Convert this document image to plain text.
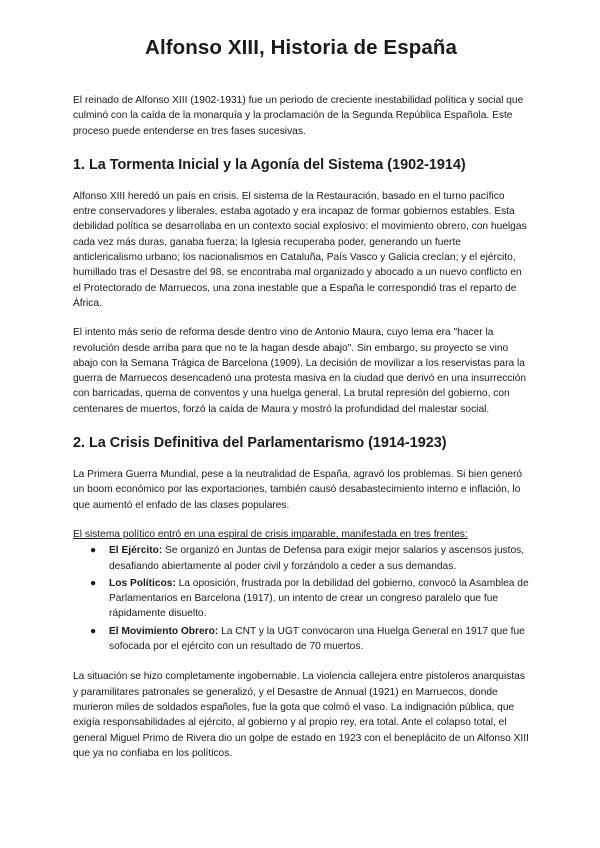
Alfonso XIII, Historia de España

El reinado de Alfonso XIII (1902-1931) fue un periodo de creciente inestabilidad política y social que culminó con la caída de la monarquía y la proclamación de la Segunda República Española. Este proceso puede entenderse en tres fases sucesivas.

1. La Tormenta Inicial y la Agonía del Sistema (1902-1914)

Alfonso XIII heredó un país en crisis. El sistema de la Restauración, basado en el turno pacífico entre conservadores y liberales, estaba agotado y era incapaz de formar gobiernos estables. Esta debilidad política se desarrollaba en un contexto social explosivo: el movimiento obrero, con huelgas cada vez más duras, ganaba fuerza; la Iglesia recuperaba poder, generando un fuerte anticlericalismo urbano; los nacionalismos en Cataluña, País Vasco y Galicia crecían; y el ejército, humillado tras el Desastre del 98, se encontraba mal organizado y abocado a un nuevo conflicto en el Protectorado de Marruecos, una zona inestable que a España le correspondió tras el reparto de África.

El intento más serio de reforma desde dentro vino de Antonio Maura, cuyo lema era "hacer la revolución desde arriba para que no te la hagan desde abajo". Sin embargo, su proyecto se vino abajo con la Semana Trágica de Barcelona (1909). La decisión de movilizar a los reservistas para la guerra de Marruecos desencadenó una protesta masiva en la ciudad que derivó en una insurrección con barricadas, quema de conventos y una huelga general. La brutal represión del gobierno, con centenares de muertos, forzó la caída de Maura y mostró la profundidad del malestar social.

2. La Crisis Definitiva del Parlamentarismo (1914-1923)

La Primera Guerra Mundial, pese a la neutralidad de España, agravó los problemas. Si bien generó un boom económico por las exportaciones, también causó desabastecimiento interno e inflación, lo que aumentó el enfado de las clases populares.

El sistema político entró en una espiral de crisis imparable, manifestada en tres frentes:

● El Ejército: Se organizó en Juntas de Defensa para exigir mejor salarios y ascensos justos, desafiando abiertamente al poder civil y forzándolo a ceder a sus demandas.
● Los Políticos: La oposición, frustrada por la debilidad del gobierno, convocó la Asamblea de Parlamentarios en Barcelona (1917), un intento de crear un congreso paralelo que fue rápidamente disuelto.
● El Movimiento Obrero: La CNT y la UGT convocaron una Huelga General en 1917 que fue sofocada por el ejército con un resultado de 70 muertos.

La situación se hizo completamente ingobernable. La violencia callejera entre pistoleros anarquistas y paramilitares patronales se generalizó, y el Desastre de Annual (1921) en Marruecos, donde murieron miles de soldados españoles, fue la gota que colmó el vaso. La indignación pública, que exigía responsabilidades al ejército, al gobierno y al propio rey, era total. Ante el colapso total, el general Miguel Primo de Rivera dio un golpe de estado en 1923 con el beneplácito de un Alfonso XIII que ya no confiaba en los políticos.
